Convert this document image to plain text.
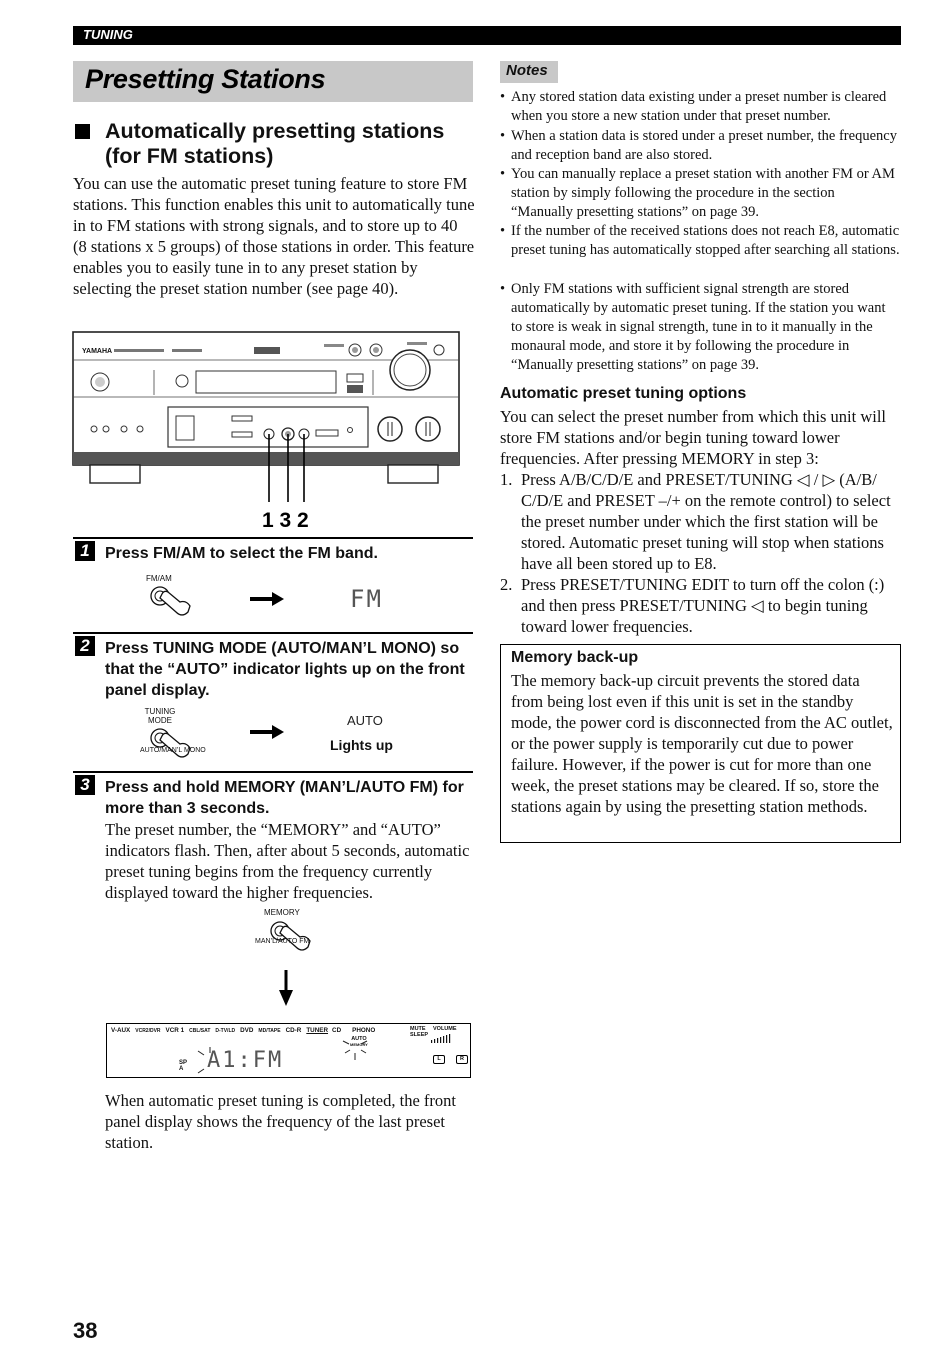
TUNING
Presetting Stations
Automatically presetting stations (for FM stations)
You can use the automatic preset tuning feature to store FM stations. This function enables this unit to automatically tune in to FM stations with strong signals, and to store up to 40 (8 stations x 5 groups) of those stations in order. This feature enables you to easily tune in to any preset station by selecting the preset station number (see page 40).
YAMAHA
1 3 2
1 Press FM/AM to select the FM band.
FM/AM
FM
2 Press TUNING MODE (AUTO/MAN’L MONO) so that the “AUTO” indicator lights up on the front panel display.
TUNING MODE
AUTO/MAN’L MONO
AUTO
Lights up
3 Press and hold MEMORY (MAN’L/AUTO FM) for more than 3 seconds.
The preset number, the “MEMORY” and “AUTO” indicators flash. Then, after about 5 seconds, automatic preset tuning begins from the frequency currently displayed toward the higher frequencies.
MEMORY
MAN’L/AUTO FM
V-AUX VCR2/DVR VCR 1 CBL/SAT D-TV/LD DVD MD/TAPE CD-R TUNER CD PHONO	MUTE
SLEEP
VOLUME
SP
A A1:FM
AUTO
MEMORY
L	R
When automatic preset tuning is completed, the front panel display shows the frequency of the last preset station.
Notes
• Any stored station data existing under a preset number is cleared when you store a new station under that preset number.
• When a station data is stored under a preset number, the frequency and reception band are also stored.
• You can manually replace a preset station with another FM or AM station by simply following the procedure in the section “Manually presetting stations” on page 39.
• If the number of the received stations does not reach E8, automatic preset tuning has automatically stopped after searching all stations.
• Only FM stations with sufficient signal strength are stored automatically by automatic preset tuning. If the station you want to store is weak in signal strength, tune in to it manually in the monaural mode, and store it by following the procedure in “Manually presetting stations” on page 39.
Automatic preset tuning options
You can select the preset number from which this unit will store FM stations and/or begin tuning toward lower frequencies. After pressing MEMORY in step 3:
1. Press A/B/C/D/E and PRESET/TUNING ◁ / ▷ (A/B/ C/D/E and PRESET –/+ on the remote control) to select the preset number under which the first station will be stored. Automatic preset tuning will stop when stations have all been stored up to E8.
2. Press PRESET/TUNING EDIT to turn off the colon (:) and then press PRESET/TUNING ◁ to begin tuning toward lower frequencies.
Memory back-up
The memory back-up circuit prevents the stored data from being lost even if this unit is set in the standby mode, the power cord is disconnected from the AC outlet, or the power supply is temporarily cut due to power failure. However, if the power is cut for more than one week, the preset stations may be cleared. If so, store the stations again by using the presetting station methods.
38
